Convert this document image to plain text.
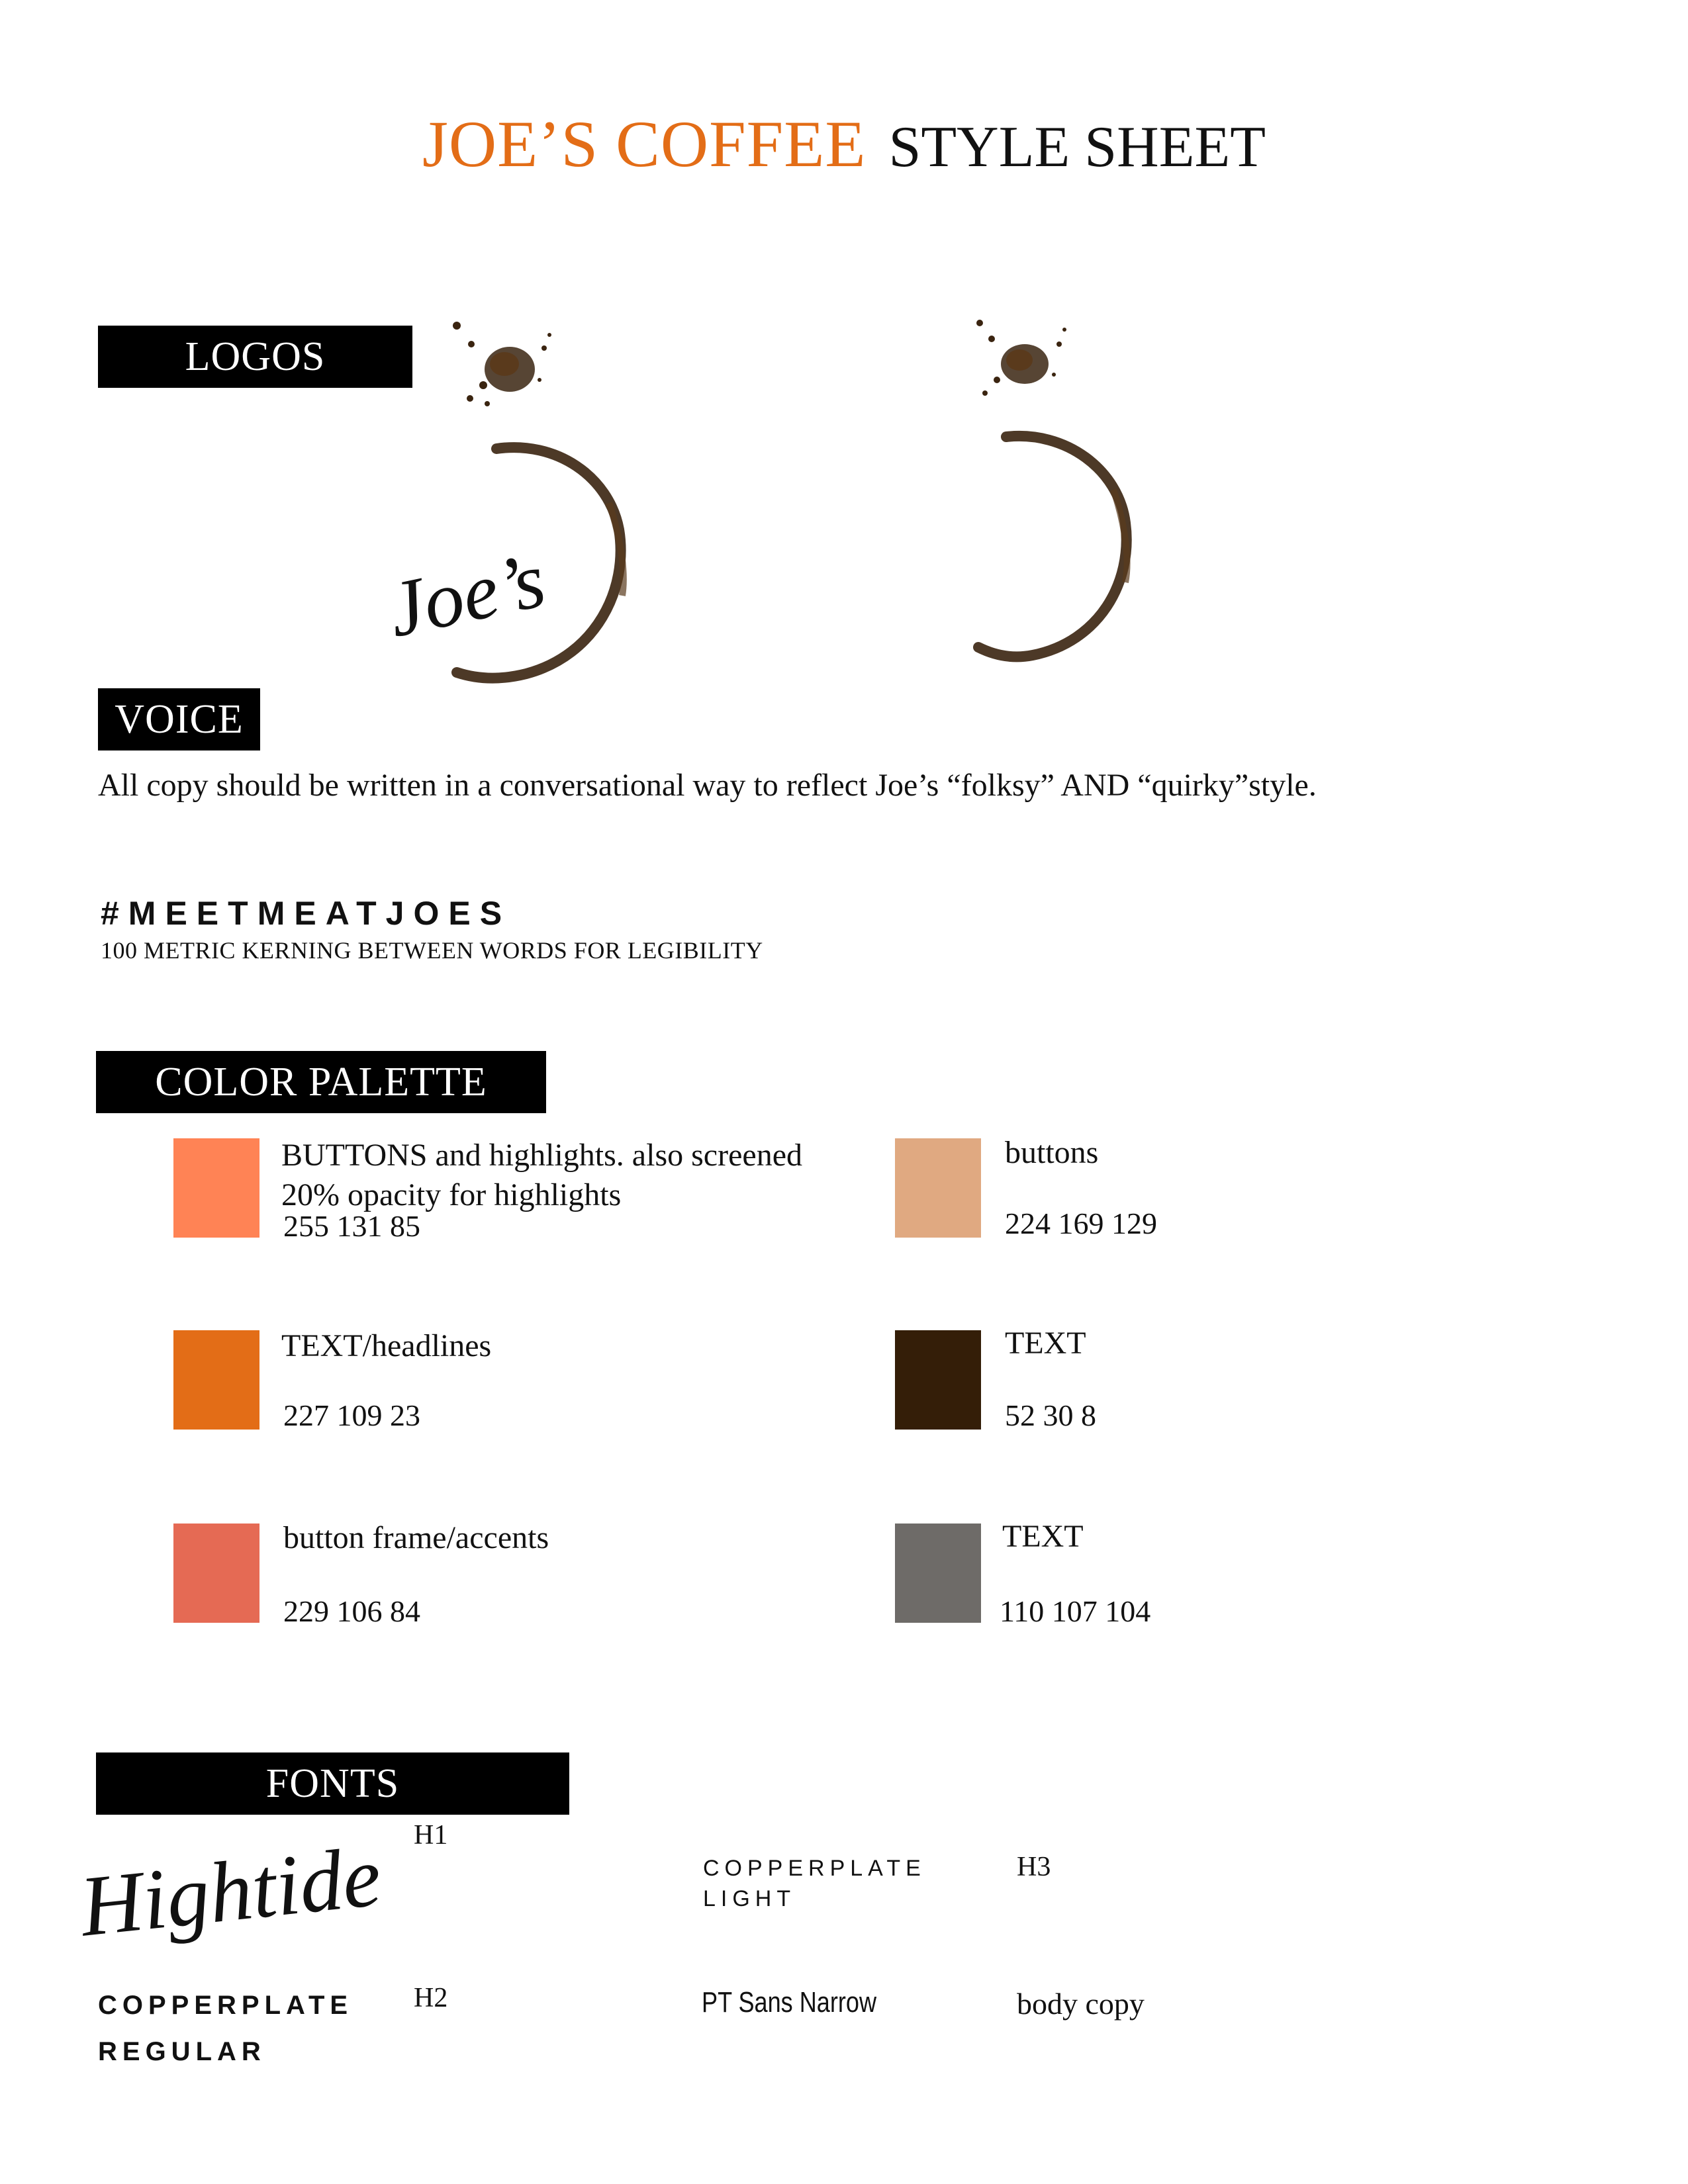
JOE’S COFFEE STYLE SHEET
LOGOS
Joe’s
VOICE
All copy should be written in a conversational way to reflect Joe’s “folksy” AND “quirky”style.
#MEETMEATJOES
100 METRIC KERNING BETWEEN WORDS FOR LEGIBILITY
COLOR PALETTE
BUTTONS and highlights. also screened 20% opacity for highlights
255 131 85
buttons
224 169 129
TEXT/headlines
227 109 23
TEXT
52 30 8
button frame/accents
229 106 84
TEXT
110 107 104
FONTS
Hightide H1
COPPERPLATE
LIGHT
H3
COPPERPLATE
REGULAR
H2	PT Sans Narrow	body copy
